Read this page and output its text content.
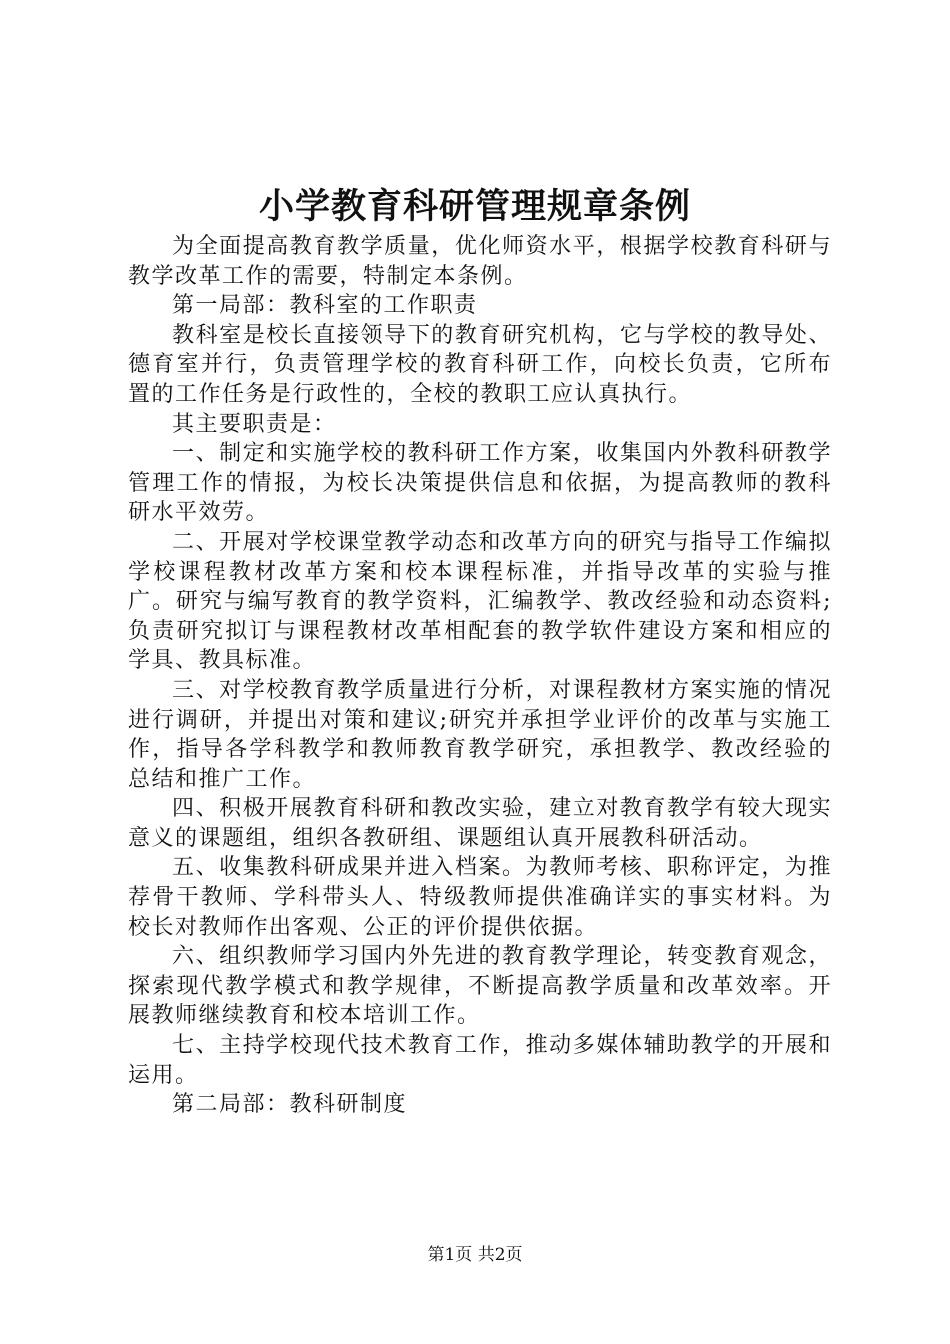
小学教育科研管理规章条例

为全面提高教育教学质量，优化师资水平，根据学校教育科研与教学改革工作的需要，特制定本条例。

第一局部：教科室的工作职责

教科室是校长直接领导下的教育研究机构，它与学校的教导处、德育室并行，负责管理学校的教育科研工作，向校长负责，它所布置的工作任务是行政性的，全校的教职工应认真执行。

其主要职责是：

一、制定和实施学校的教科研工作方案，收集国内外教科研教学管理工作的情报，为校长决策提供信息和依据，为提高教师的教科研水平效劳。

二、开展对学校课堂教学动态和改革方向的研究与指导工作编拟学校课程教材改革方案和校本课程标准，并指导改革的实验与推广。研究与编写教育的教学资料，汇编教学、教改经验和动态资料;负责研究拟订与课程教材改革相配套的教学软件建设方案和相应的学具、教具标准。

三、对学校教育教学质量进行分析，对课程教材方案实施的情况进行调研，并提出对策和建议;研究并承担学业评价的改革与实施工作，指导各学科教学和教师教育教学研究，承担教学、教改经验的总结和推广工作。

四、积极开展教育科研和教改实验，建立对教育教学有较大现实意义的课题组，组织各教研组、课题组认真开展教科研活动。

五、收集教科研成果并进入档案。为教师考核、职称评定，为推荐骨干教师、学科带头人、特级教师提供准确详实的事实材料。为校长对教师作出客观、公正的评价提供依据。

六、组织教师学习国内外先进的教育教学理论，转变教育观念，探索现代教学模式和教学规律，不断提高教学质量和改革效率。开展教师继续教育和校本培训工作。

七、主持学校现代技术教育工作，推动多媒体辅助教学的开展和运用。

第二局部：教科研制度

第1页 共2页
